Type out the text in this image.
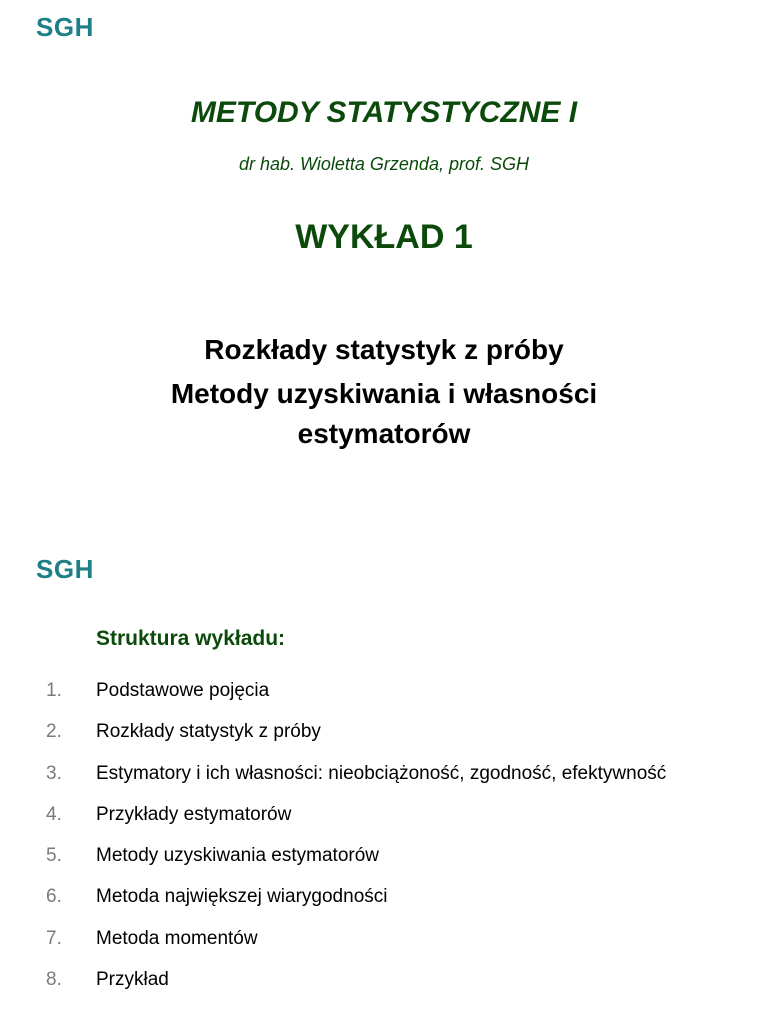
SGH
METODY STATYSTYCZNE I
dr hab. Wioletta Grzenda, prof. SGH
WYKŁAD 1
Rozkłady statystyk z próby
Metody uzyskiwania i własności
estymatorów
SGH
Struktura wykładu:
1. Podstawowe pojęcia
2. Rozkłady statystyk z próby
3. Estymatory i ich własności: nieobciążoność, zgodność, efektywność
4. Przykłady estymatorów
5. Metody uzyskiwania estymatorów
6. Metoda największej wiarygodności
7. Metoda momentów
8. Przykład
